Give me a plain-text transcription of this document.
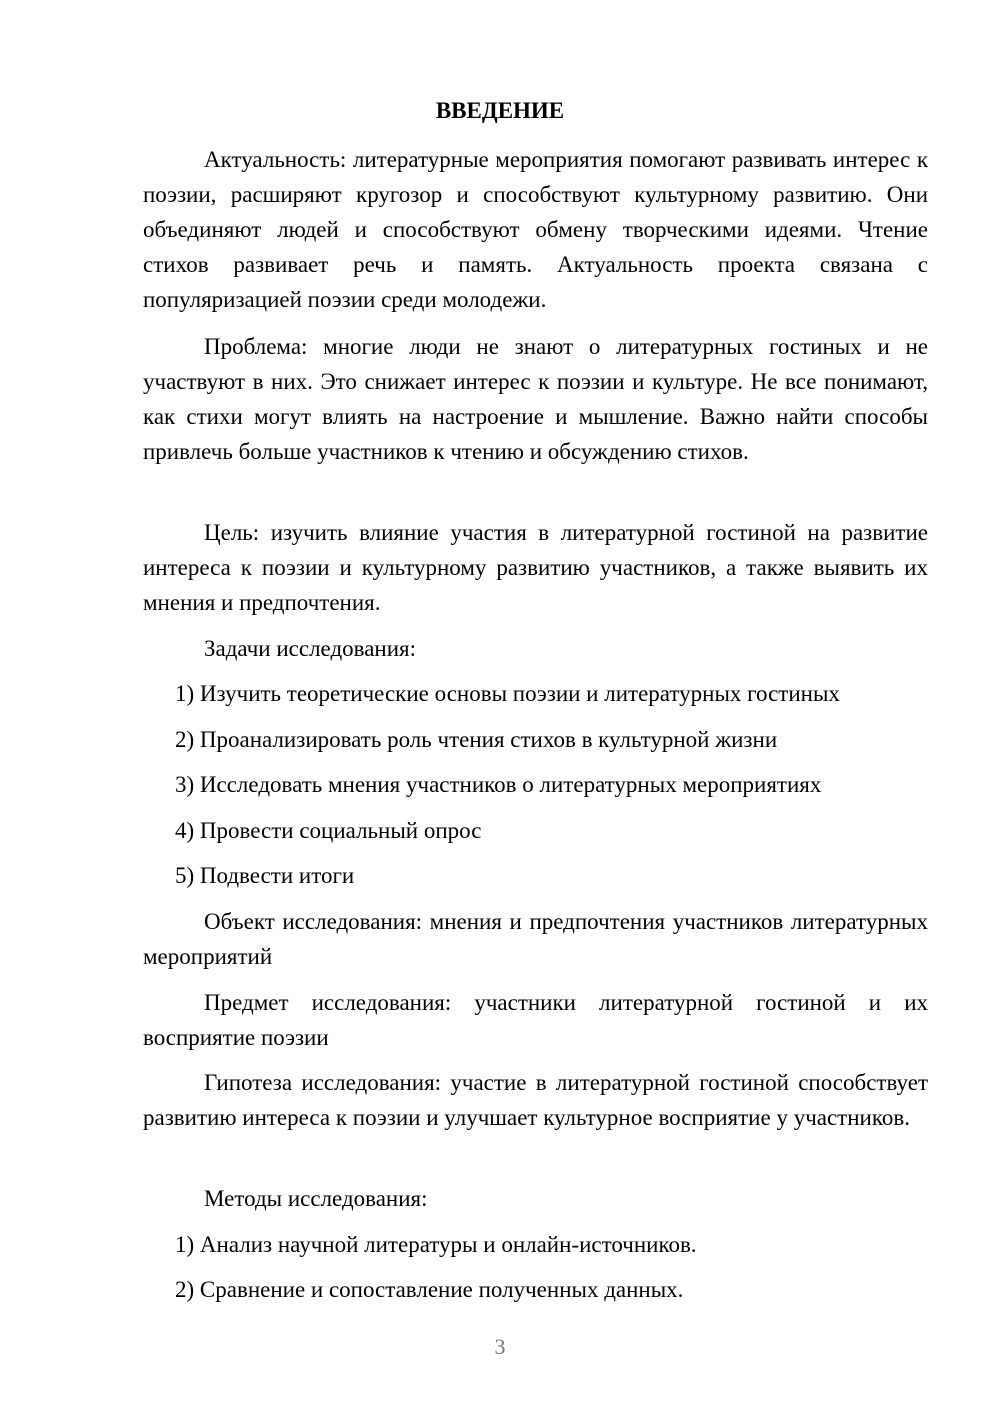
ВВЕДЕНИЕ

Актуальность: литературные мероприятия помогают развивать интерес к поэзии, расширяют кругозор и способствуют культурному развитию. Они объединяют людей и способствуют обмену творческими идеями. Чтение стихов развивает речь и память. Актуальность проекта связана с популяризацией поэзии среди молодежи.

Проблема: многие люди не знают о литературных гостиных и не участвуют в них. Это снижает интерес к поэзии и культуре. Не все понимают, как стихи могут влиять на настроение и мышление. Важно найти способы привлечь больше участников к чтению и обсуждению стихов.

Цель: изучить влияние участия в литературной гостиной на развитие интереса к поэзии и культурному развитию участников, а также выявить их мнения и предпочтения.

Задачи исследования:

1) Изучить теоретические основы поэзии и литературных гостиных

2) Проанализировать роль чтения стихов в культурной жизни

3) Исследовать мнения участников о литературных мероприятиях

4) Провести социальный опрос

5) Подвести итоги

Объект исследования: мнения и предпочтения участников литературных мероприятий

Предмет исследования: участники литературной гостиной и их восприятие поэзии

Гипотеза исследования: участие в литературной гостиной способствует развитию интереса к поэзии и улучшает культурное восприятие у участников.

Методы исследования:

1) Анализ научной литературы и онлайн-источников.

2) Сравнение и сопоставление полученных данных.

3
